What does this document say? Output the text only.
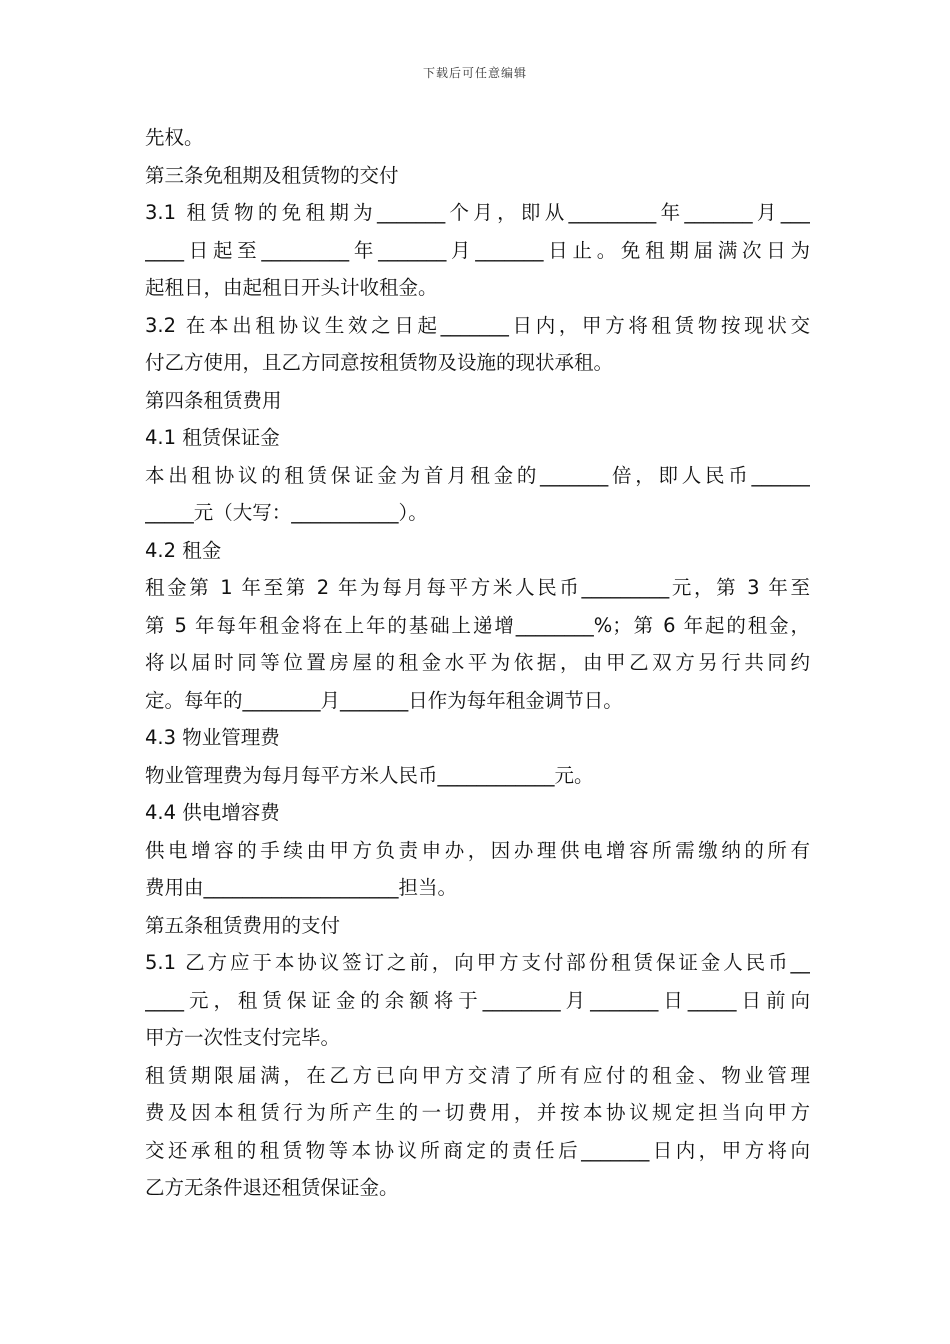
下载后可任意编辑
先权。
第三条免租期及租赁物的交付
3.1 租赁物的免租期为_______个月，即从_________年_______月___
____日起至_________年_______月_______日止。免租期届满次日为
起租日，由起租日开头计收租金。
3.2 在本出租协议生效之日起_______日内，甲方将租赁物按现状交
付乙方使用，且乙方同意按租赁物及设施的现状承租。
第四条租赁费用
4.1 租赁保证金
本出租协议的租赁保证金为首月租金的_______倍，即人民币______
_____元（大写：___________）。
4.2 租金
租金第 1 年至第 2 年为每月每平方米人民币_________元，第 3 年至
第 5 年每年租金将在上年的基础上递增________%；第 6 年起的租金，
将以届时同等位置房屋的租金水平为依据，由甲乙双方另行共同约
定。每年的________月_______日作为每年租金调节日。
4.3 物业管理费
物业管理费为每月每平方米人民币____________元。
4.4 供电增容费
供电增容的手续由甲方负责申办，因办理供电增容所需缴纳的所有
费用由____________________担当。
第五条租赁费用的支付
5.1 乙方应于本协议签订之前，向甲方支付部份租赁保证金人民币__
____元，租赁保证金的余额将于________月_______日_____日前向
甲方一次性支付完毕。
租赁期限届满，在乙方已向甲方交清了所有应付的租金、物业管理
费及因本租赁行为所产生的一切费用，并按本协议规定担当向甲方
交还承租的租赁物等本协议所商定的责任后_______日内，甲方将向
乙方无条件退还租赁保证金。
